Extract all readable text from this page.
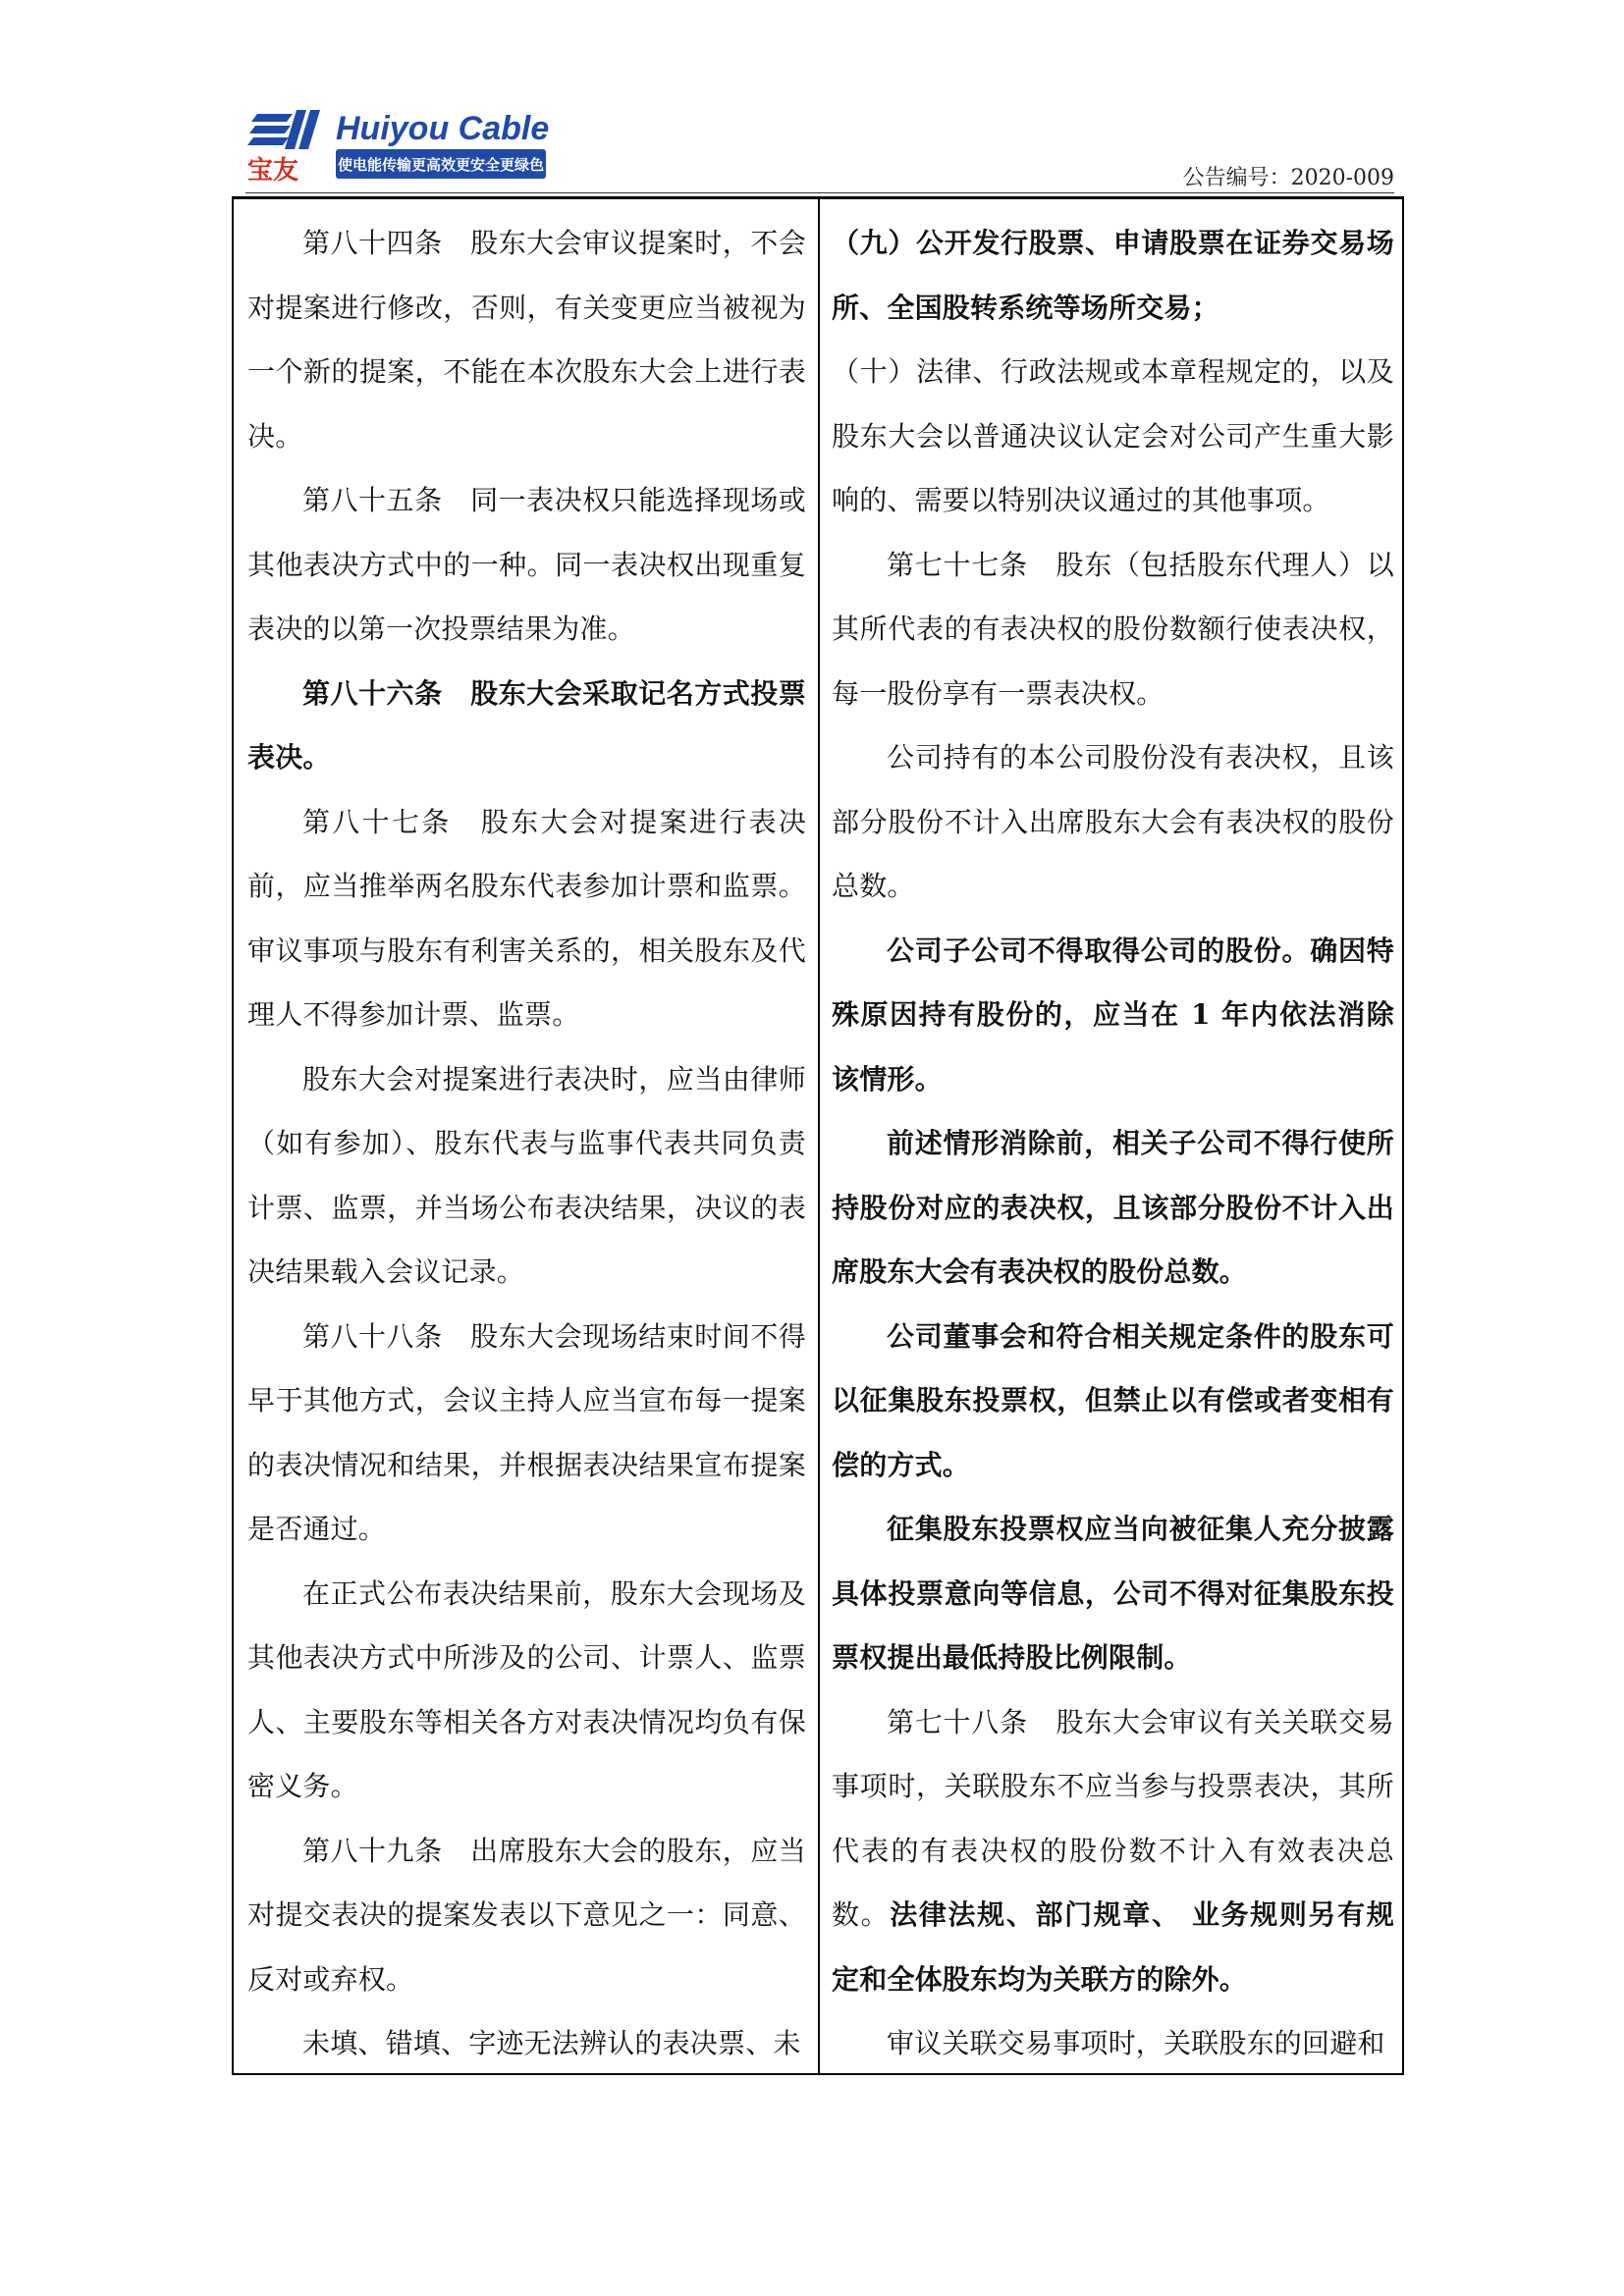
宝友
Huiyou Cable
使电能传输更高效更安全更绿色
公告编号：2020-009

第八十四条　股东大会审议提案时，不会对提案进行修改，否则，有关变更应当被视为一个新的提案，不能在本次股东大会上进行表决。

第八十五条　同一表决权只能选择现场或其他表决方式中的一种。同一表决权出现重复表决的以第一次投票结果为准。

第八十六条　股东大会采取记名方式投票表决。

第八十七条　股东大会对提案进行表决前，应当推举两名股东代表参加计票和监票。审议事项与股东有利害关系的，相关股东及代理人不得参加计票、监票。

股东大会对提案进行表决时，应当由律师（如有参加）、股东代表与监事代表共同负责计票、监票，并当场公布表决结果，决议的表决结果载入会议记录。

第八十八条　股东大会现场结束时间不得早于其他方式，会议主持人应当宣布每一提案的表决情况和结果，并根据表决结果宣布提案是否通过。

在正式公布表决结果前，股东大会现场及其他表决方式中所涉及的公司、计票人、监票人、主要股东等相关各方对表决情况均负有保密义务。

第八十九条　出席股东大会的股东，应当对提交表决的提案发表以下意见之一：同意、反对或弃权。

未填、错填、字迹无法辨认的表决票、未

（九）公开发行股票、申请股票在证券交易场所、全国股转系统等场所交易；

（十）法律、行政法规或本章程规定的，以及股东大会以普通决议认定会对公司产生重大影响的、需要以特别决议通过的其他事项。

第七十七条　股东（包括股东代理人）以其所代表的有表决权的股份数额行使表决权，每一股份享有一票表决权。

公司持有的本公司股份没有表决权，且该部分股份不计入出席股东大会有表决权的股份总数。

公司子公司不得取得公司的股份。确因特殊原因持有股份的，应当在 1 年内依法消除该情形。

前述情形消除前，相关子公司不得行使所持股份对应的表决权，且该部分股份不计入出席股东大会有表决权的股份总数。

公司董事会和符合相关规定条件的股东可以征集股东投票权，但禁止以有偿或者变相有偿的方式。

征集股东投票权应当向被征集人充分披露具体投票意向等信息，公司不得对征集股东投票权提出最低持股比例限制。

第七十八条　股东大会审议有关关联交易事项时，关联股东不应当参与投票表决，其所代表的有表决权的股份数不计入有效表决总数。法律法规、部门规章、 业务规则另有规定和全体股东均为关联方的除外。

审议关联交易事项时，关联股东的回避和
